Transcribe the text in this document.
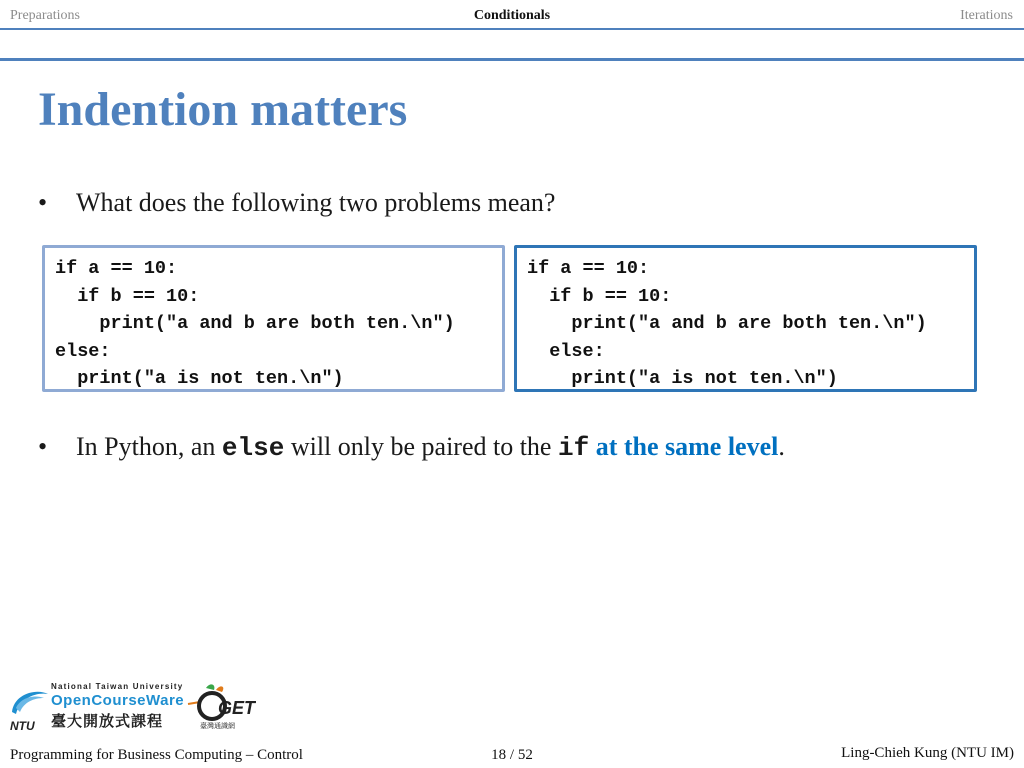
Preparations	Conditionals	Iterations
Indention matters
• What does the following two problems mean?
if a == 10:
if b == 10:
print("a and b are both ten.\n")
else:
print("a is not ten.\n")
if a == 10:
if b == 10:
print("a and b are both ten.\n")
else:
print("a is not ten.\n")
• In Python, an else will only be paired to the if at the same level.
NTU
National Taiwan University
OpenCourseWare
臺大開放式課程
GET
臺灣通識網
Programming for Business Computing – Control	18 / 52	Ling-Chieh Kung (NTU IM)
